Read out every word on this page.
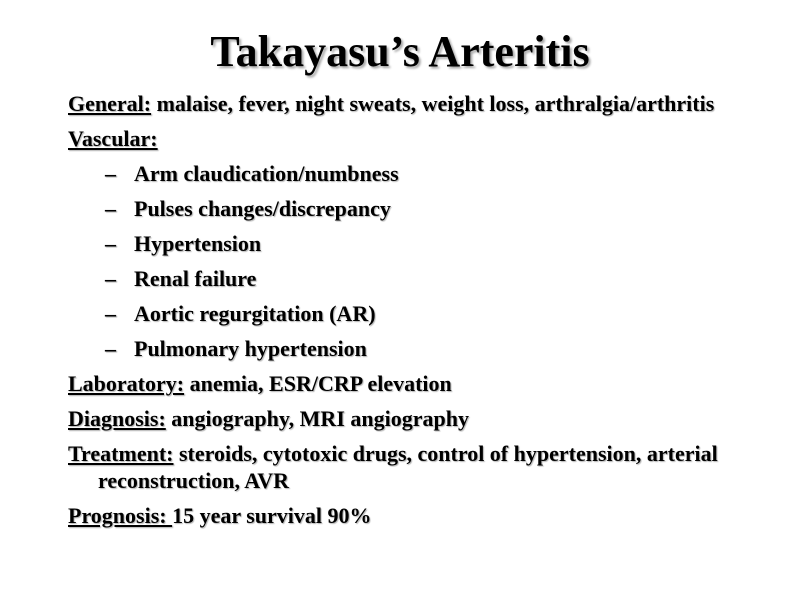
Takayasu’s Arteritis

General: malaise, fever, night sweats, weight loss, arthralgia/arthritis

Vascular:

– Arm claudication/numbness

– Pulses changes/discrepancy

– Hypertension

– Renal failure

– Aortic regurgitation (AR)

– Pulmonary hypertension

Laboratory: anemia, ESR/CRP elevation

Diagnosis: angiography, MRI angiography

Treatment: steroids, cytotoxic drugs, control of hypertension, arterial reconstruction, AVR

Prognosis: 15 year survival 90%
